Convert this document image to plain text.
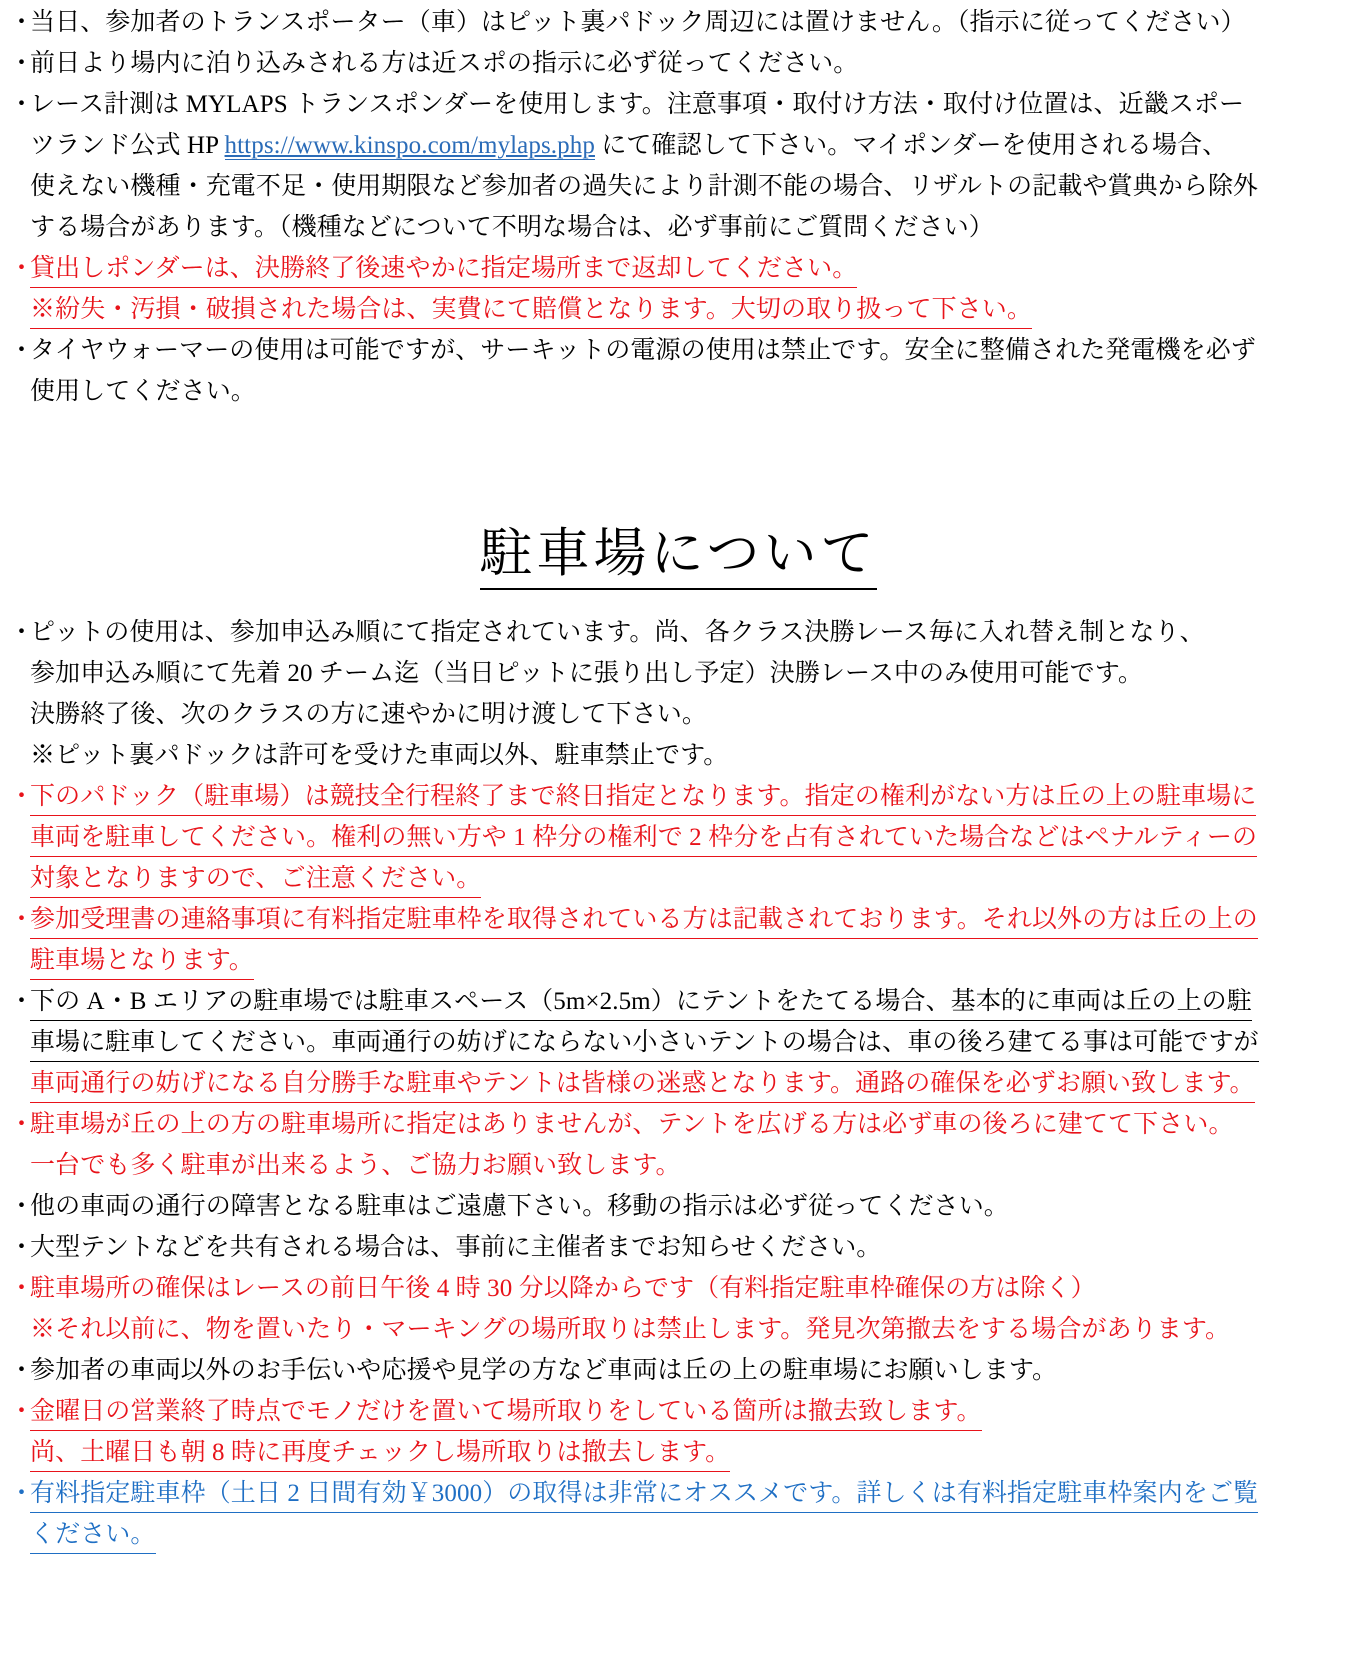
・
当日、参加者のトランスポーター（車）はピット裏パドック周辺には置けません。（指示に従ってください）
・
前日より場内に泊り込みされる方は近スポの指示に必ず従ってください。
・
レース計測は MYLAPS トランスポンダーを使用します。注意事項・取付け方法・取付け位置は、近畿スポー
ツランド公式 HP https://www.kinspo.com/mylaps.php にて確認して下さい。マイポンダーを使用される場合、
使えない機種・充電不足・使用期限など参加者の過失により計測不能の場合、リザルトの記載や賞典から除外
する場合があります。（機種などについて不明な場合は、必ず事前にご質問ください）
・
貸出しポンダーは、決勝終了後速やかに指定場所まで返却してください。
※紛失・汚損・破損された場合は、実費にて賠償となります。大切の取り扱って下さい。
・
タイヤウォーマーの使用は可能ですが、サーキットの電源の使用は禁止です。安全に整備された発電機を必ず
使用してください。
駐車場について
・
ピットの使用は、参加申込み順にて指定されています。尚、各クラス決勝レース毎に入れ替え制となり、
参加申込み順にて先着 20 チーム迄（当日ピットに張り出し予定）決勝レース中のみ使用可能です。
決勝終了後、次のクラスの方に速やかに明け渡して下さい。
※ピット裏パドックは許可を受けた車両以外、駐車禁止です。
・
下のパドック（駐車場）は競技全行程終了まで終日指定となります。指定の権利がない方は丘の上の駐車場に
車両を駐車してください。権利の無い方や 1 枠分の権利で 2 枠分を占有されていた場合などはペナルティーの
対象となりますので、ご注意ください。
・
参加受理書の連絡事項に有料指定駐車枠を取得されている方は記載されております。それ以外の方は丘の上の
駐車場となります。
・
下の A・B エリアの駐車場では駐車スペース（5m×2.5m）にテントをたてる場合、基本的に車両は丘の上の駐
車場に駐車してください。車両通行の妨げにならない小さいテントの場合は、車の後ろ建てる事は可能ですが
車両通行の妨げになる自分勝手な駐車やテントは皆様の迷惑となります。通路の確保を必ずお願い致します。
・
駐車場が丘の上の方の駐車場所に指定はありませんが、テントを広げる方は必ず車の後ろに建てて下さい。
一台でも多く駐車が出来るよう、ご協力お願い致します。
・
他の車両の通行の障害となる駐車はご遠慮下さい。移動の指示は必ず従ってください。
・
大型テントなどを共有される場合は、事前に主催者までお知らせください。
・
駐車場所の確保はレースの前日午後 4 時 30 分以降からです（有料指定駐車枠確保の方は除く）
※それ以前に、物を置いたり・マーキングの場所取りは禁止します。発見次第撤去をする場合があります。
・
参加者の車両以外のお手伝いや応援や見学の方など車両は丘の上の駐車場にお願いします。
・
金曜日の営業終了時点でモノだけを置いて場所取りをしている箇所は撤去致します。
尚、土曜日も朝 8 時に再度チェックし場所取りは撤去します。
・
有料指定駐車枠（土日 2 日間有効￥3000）の取得は非常にオススメです。詳しくは有料指定駐車枠案内をご覧
ください。
